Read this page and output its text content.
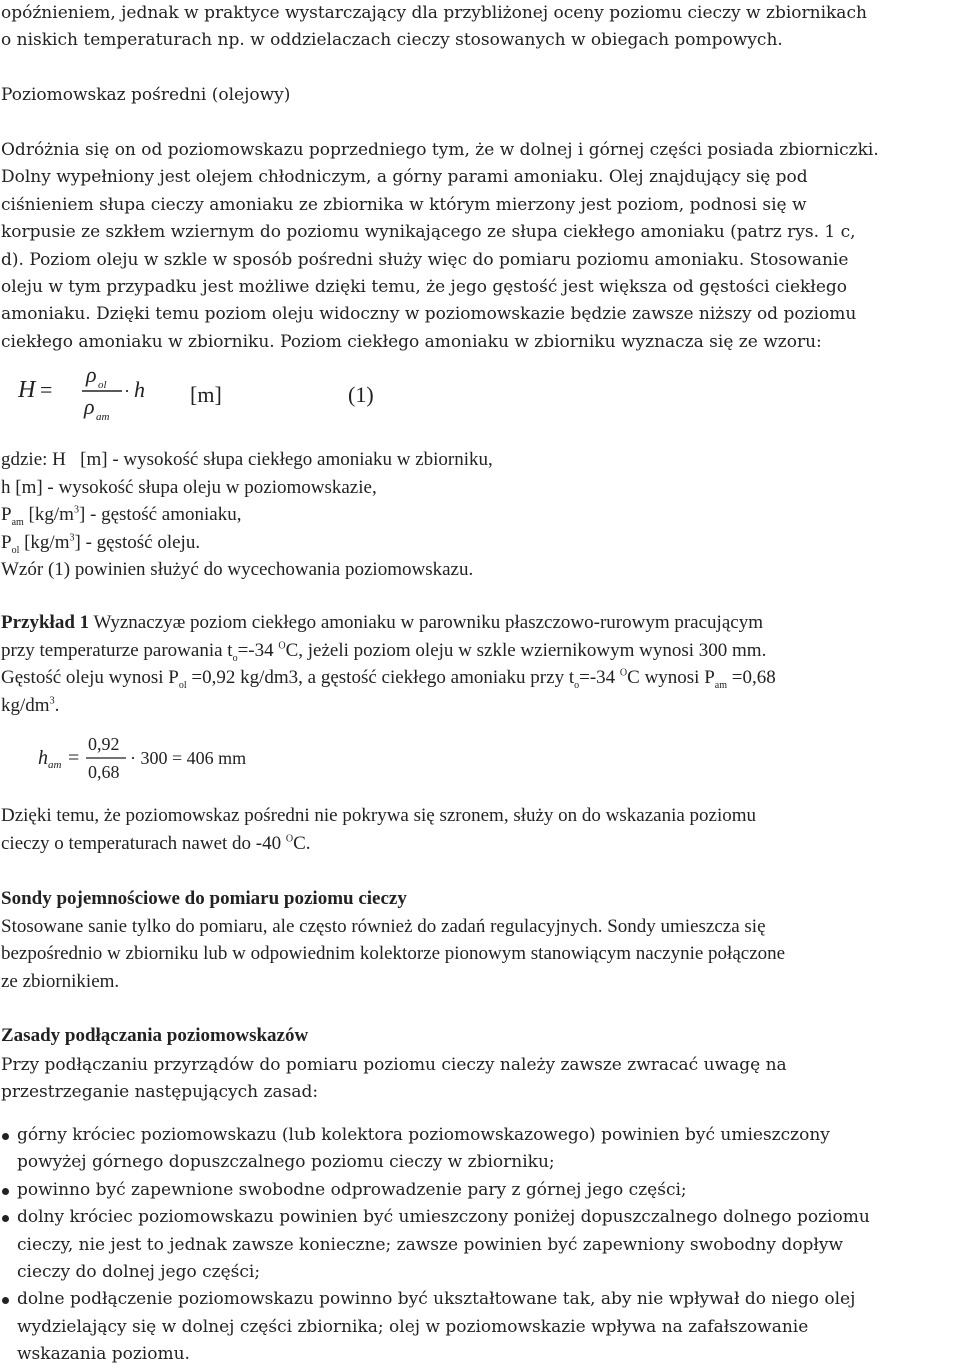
opóźnieniem, jednak w praktyce wystarczający dla przybliżonej oceny poziomu cieczy w zbiornikach

o niskich temperaturach np. w oddzielaczach cieczy stosowanych w obiegach pompowych.

Poziomowskaz pośredni (olejowy)

Odróżnia się on od poziomowskazu poprzedniego tym, że w dolnej i górnej części posiada zbiorniczki.

Dolny wypełniony jest olejem chłodniczym, a górny parami amoniaku. Olej znajdujący się pod

ciśnieniem słupa cieczy amoniaku ze zbiornika w którym mierzony jest poziom, podnosi się w

korpusie ze szkłem wziernym do poziomu wynikającego ze słupa ciekłego amoniaku (patrz rys. 1 c,

d). Poziom oleju w szkle w sposób pośredni służy więc do pomiaru poziomu amoniaku. Stosowanie

oleju w tym przypadku jest możliwe dzięki temu, że jego gęstość jest większa od gęstości ciekłego

amoniaku. Dzięki temu poziom oleju widoczny w poziomowskazie będzie zawsze niższy od poziomu

ciekłego amoniaku w zbiorniku. Poziom ciekłego amoniaku w zbiorniku wyznacza się ze wzoru:

H =
ρ ol
ρ am
· h [m]	(1)
gdzie: H   [m] - wysokość słupa ciekłego amoniaku w zbiorniku,
h [m] - wysokość słupa oleju w poziomowskazie,
$P_{am}$ $[kg/m^3]$ - gęstość amoniaku,
$P_{ol}$ $[kg/m^3]$ - gęstość oleju.
Wzór (1) powinien służyć do wycechowania poziomowskazu.
Przykład 1 Wyznaczyæ poziom ciekłego amoniaku w parowniku płaszczowo-rurowym pracującym
przy temperaturze parowania $t_o=-34$ $^O$C, jeżeli poziom oleju w szkle wziernikowym wynosi 300 mm.
Gęstość oleju wynosi $P_{ol} =0,92$ kg/dm3, a gęstość ciekłego amoniaku przy $t_o=-34$ $^O$C wynosi $P_{am} =0,68$
$kg/dm^3$.
h am =
0,92
0,68
· 300 = 406 mm
Dzięki temu, że poziomowskaz pośredni nie pokrywa się szronem, służy on do wskazania poziomu
cieczy o temperaturach nawet do -40 $^O$C.
Sondy pojemnościowe do pomiaru poziomu cieczy
Stosowane sanie tylko do pomiaru, ale często również do zadań regulacyjnych. Sondy umieszcza się
bezpośrednio w zbiorniku lub w odpowiednim kolektorze pionowym stanowiącym naczynie połączone
ze zbiornikiem.
Zasady podłączania poziomowskazów

Przy podłączaniu przyrządów do pomiaru poziomu cieczy należy zawsze zwracać uwagę na

przestrzeganie następujących zasad:

górny króciec poziomowskazu (lub kolektora poziomowskazowego) powinien być umieszczony
powyżej górnego dopuszczalnego poziomu cieczy w zbiorniku;
powinno być zapewnione swobodne odprowadzenie pary z górnej jego części;
dolny króciec poziomowskazu powinien być umieszczony poniżej dopuszczalnego dolnego poziomu
cieczy, nie jest to jednak zawsze konieczne; zawsze powinien być zapewniony swobodny dopływ
cieczy do dolnej jego części;
dolne podłączenie poziomowskazu powinno być ukształtowane tak, aby nie wpływał do niego olej
wydzielający się w dolnej części zbiornika; olej w poziomowskazie wpływa na zafałszowanie
wskazania poziomu.
